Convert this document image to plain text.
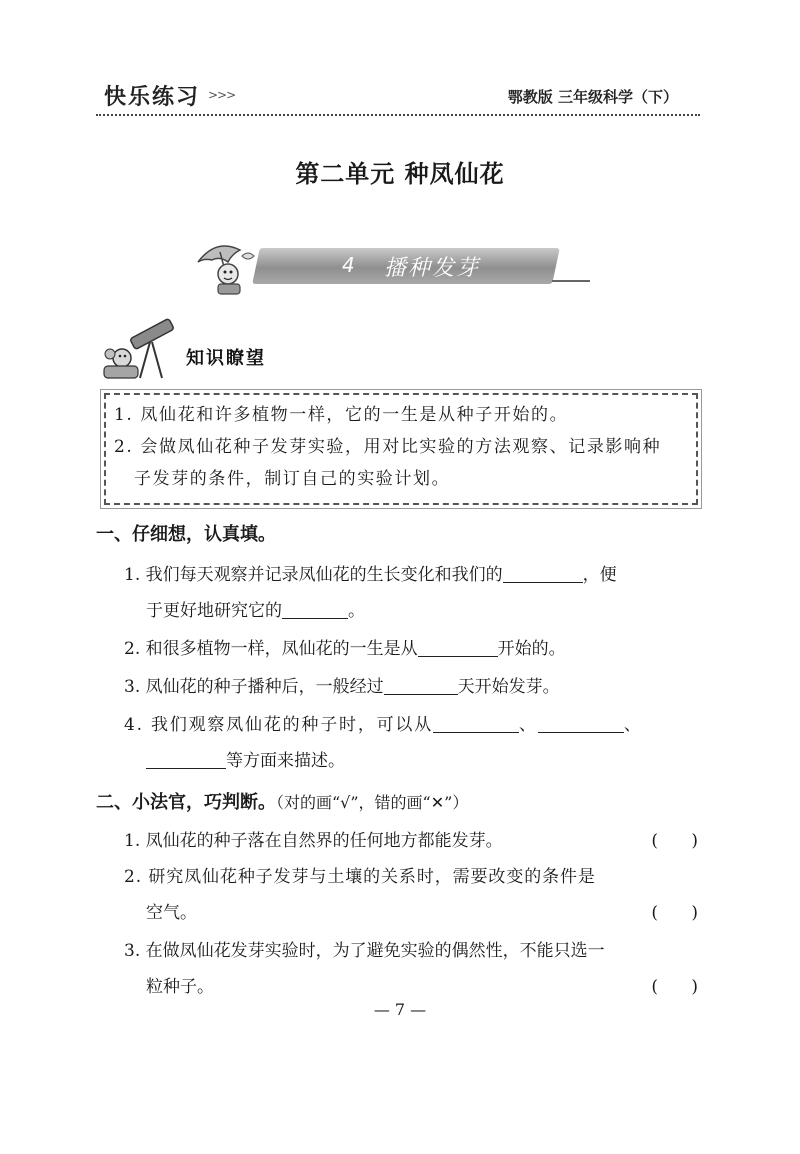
快乐练习 >>>	鄂教版 三年级科学（下）
第二单元 种凤仙花
4 播种发芽
知识瞭望
1. 凤仙花和许多植物一样，它的一生是从种子开始的。
2. 会做凤仙花种子发芽实验，用对比实验的方法观察、记录影响种
子发芽的条件，制订自己的实验计划。
一、仔细想，认真填。
1. 我们每天观察并记录凤仙花的生长变化和我们的	，便
于更好地研究它的	。
2. 和很多植物一样，凤仙花的一生是从	开始的。
3. 凤仙花的种子播种后，一般经过	天开始发芽。
4. 我们观察凤仙花的种子时，可以从	、	、
等方面来描述。
二、小法官，巧判断。（对的画“√”，错的画“✕”）
1. 凤仙花的种子落在自然界的任何地方都能发芽。	( )
2. 研究凤仙花种子发芽与土壤的关系时，需要改变的条件是
空气。	( )
3. 在做凤仙花发芽实验时，为了避免实验的偶然性，不能只选一
粒种子。	( )
— 7 —
